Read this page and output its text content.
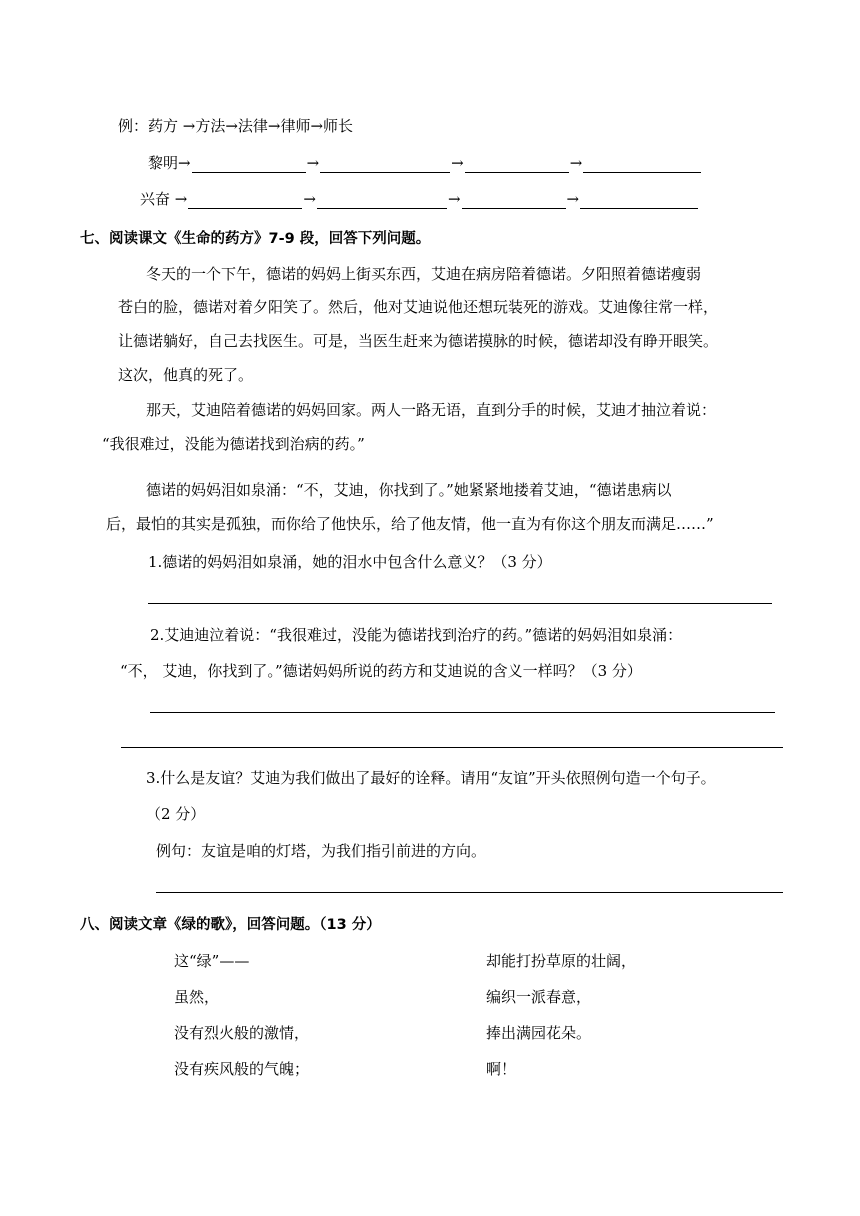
例：药方 →方法→法律→律师→师长
黎明→	→	→	→
兴奋 →	→	→	→
七、阅读课文《生命的药方》7-9 段，回答下列问题。
冬天的一个下午，德诺的妈妈上街买东西，艾迪在病房陪着德诺。夕阳照着德诺瘦弱
苍白的脸，德诺对着夕阳笑了。然后，他对艾迪说他还想玩装死的游戏。艾迪像往常一样，
让德诺躺好，自己去找医生。可是，当医生赶来为德诺摸脉的时候，德诺却没有睁开眼笑。
这次，他真的死了。
那天，艾迪陪着德诺的妈妈回家。两人一路无语，直到分手的时候，艾迪才抽泣着说：
“我很难过，没能为德诺找到治病的药。”
德诺的妈妈泪如泉涌：“不，艾迪，你找到了。”她紧紧地搂着艾迪，“德诺患病以
后，最怕的其实是孤独，而你给了他快乐，给了他友情，他一直为有你这个朋友而满足……”
1.德诺的妈妈泪如泉涌，她的泪水中包含什么意义？（3 分）
2.艾迪迪泣着说：“我很难过，没能为德诺找到治疗的药。”德诺的妈妈泪如泉涌：
“不， 艾迪，你找到了。”德诺妈妈所说的药方和艾迪说的含义一样吗？（3 分）
3.什么是友谊？艾迪为我们做出了最好的诠释。请用“友谊”开头依照例句造一个句子。
（2 分）
例句：友谊是咱的灯塔，为我们指引前进的方向。
八、阅读文章《绿的歌》，回答问题。（13 分）
这“绿”——
虽然，
没有烈火般的激情，
没有疾风般的气魄；
却能打扮草原的壮阔，
编织一派春意，
捧出满园花朵。
啊！
